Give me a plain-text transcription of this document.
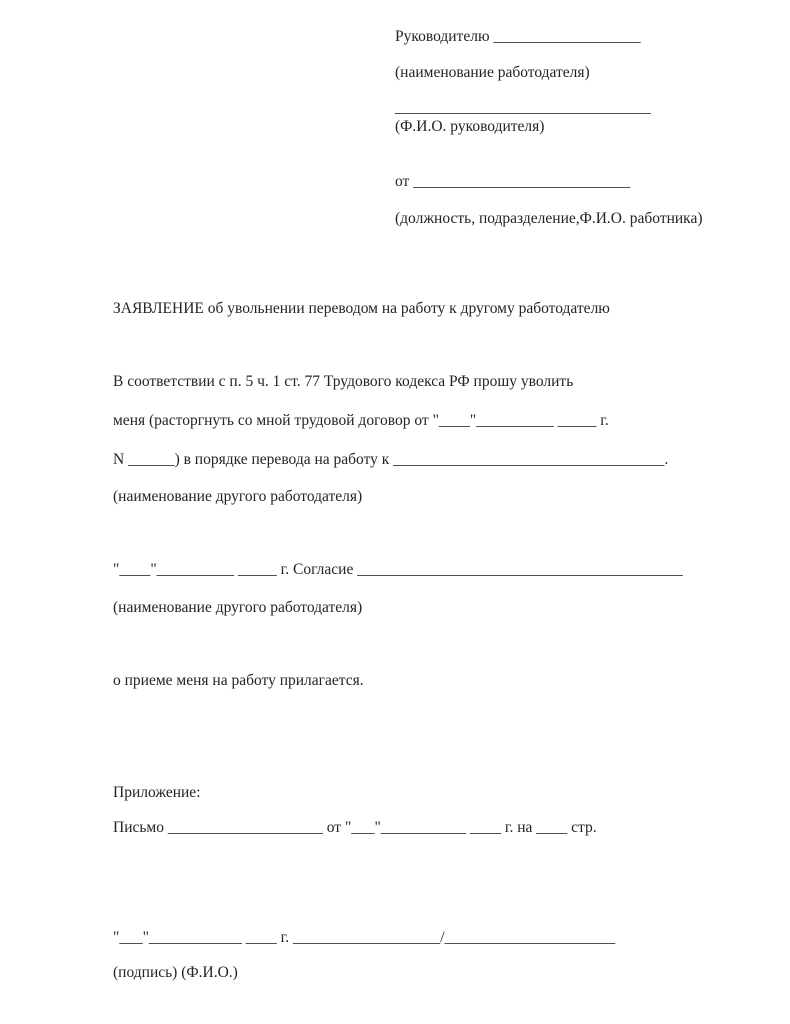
Руководителю ___________________
(наименование работодателя)
_________________________________
(Ф.И.О. руководителя)
от ____________________________
(должность, подразделение,Ф.И.О. работника)
ЗАЯВЛЕНИЕ об увольнении переводом на работу к другому работодателю
В соответствии с п. 5 ч. 1 ст. 77 Трудового кодекса РФ прошу уволить
меня (расторгнуть со мной трудовой договор от "____"__________ _____ г.
N ______) в порядке перевода на работу к ___________________________________.
(наименование другого работодателя)
"____"__________ _____ г. Согласие __________________________________________
(наименование другого работодателя)
о приеме меня на работу прилагается.
Приложение:
Письмо ____________________ от "___"___________ ____ г. на ____ стр.
"___"____________ ____ г. ___________________/______________________
(подпись) (Ф.И.О.)
